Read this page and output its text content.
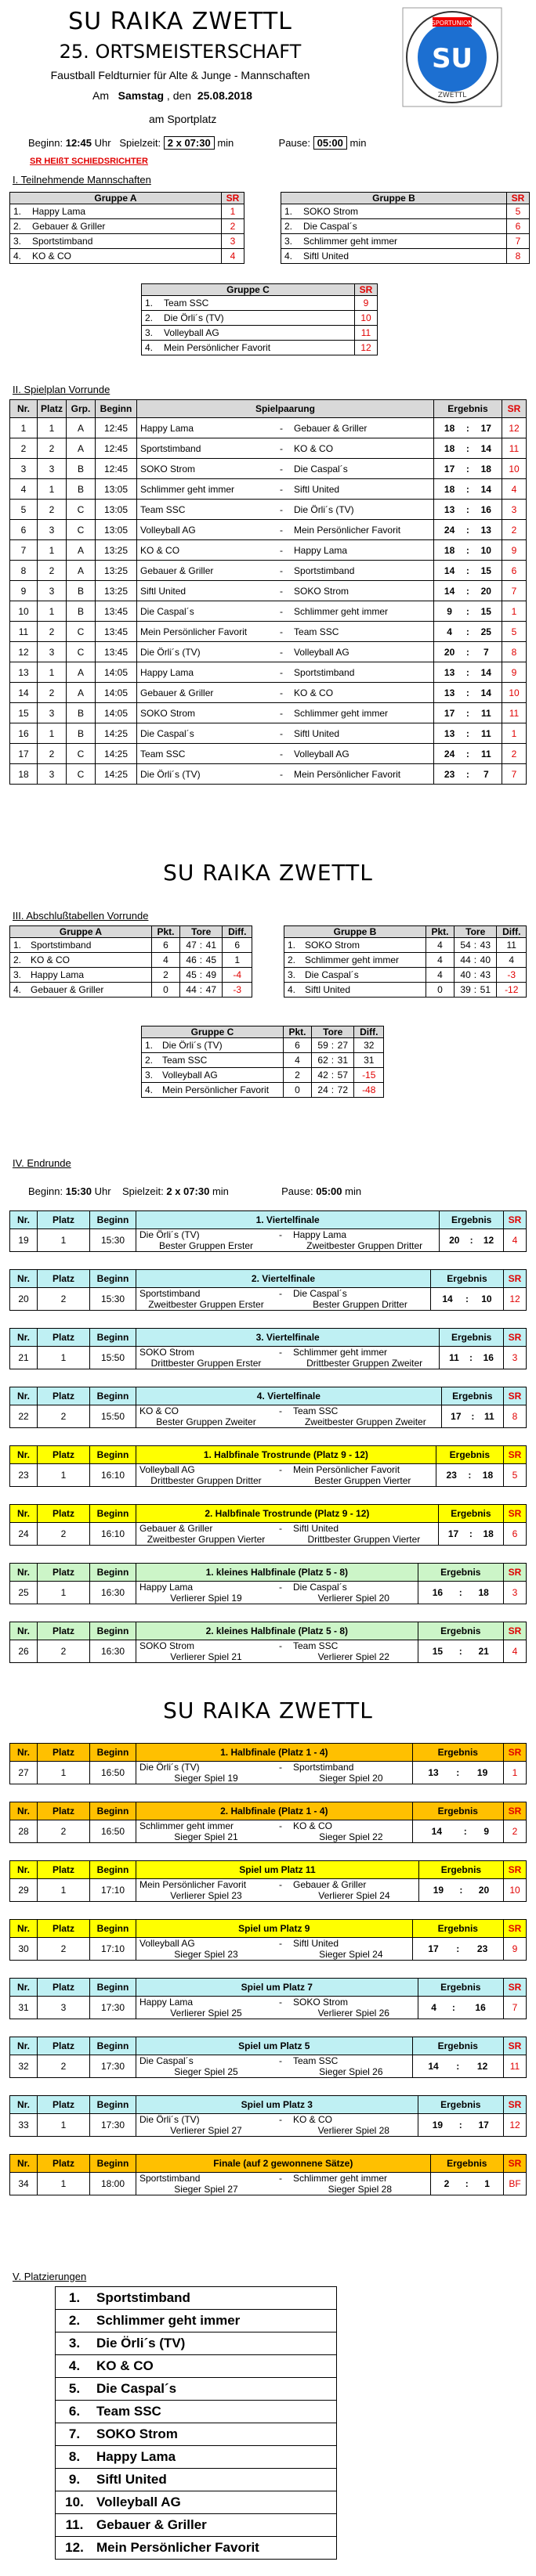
SU RAIKA ZWETTL
25. ORTSMEISTERSCHAFT
Faustball Feldturnier für Alte & Junge - Mannschaften
Am Samstag , den 25.08.2018
am Sportplatz
SPORTUNION
SU
ZWETTL
Beginn: 12:45 Uhr Spielzeit: 2 x 07:30 min	Pause: 05:00 min
SR HEIßT SCHIEDSRICHTER
I. Teilnehmende Mannschaften
Gruppe A		SR
1.	Happy Lama	1
2.	Gebauer & Griller	2
3.	Sportstimband	3
4.	KO & CO	4
Gruppe B		SR
1.	SOKO Strom	5
2.	Die Caspal´s	6
3.	Schlimmer geht immer	7
4.	Siftl United	8
Gruppe C		SR
1.	Team SSC	9
2.	Die Örli´s (TV)	10
3.	Volleyball AG	11
4.	Mein Persönlicher Favorit	12
II. Spielplan Vorrunde
Nr.	Platz	Grp.	Beginn	Spielpaarung			Ergebnis			SR
1	1	A	12:45	Happy Lama	-	Gebauer & Griller	18	:	17	12
2	2	A	12:45	Sportstimband	-	KO & CO	18	:	14	11
3	3	B	12:45	SOKO Strom	-	Die Caspal´s	17	:	18	10
4	1	B	13:05	Schlimmer geht immer	-	Siftl United	18	:	14	4
5	2	C	13:05	Team SSC	-	Die Örli´s (TV)	13	:	16	3
6	3	C	13:05	Volleyball AG	-	Mein Persönlicher Favorit	24	:	13	2
7	1	A	13:25	KO & CO	-	Happy Lama	18	:	10	9
8	2	A	13:25	Gebauer & Griller	-	Sportstimband	14	:	15	6
9	3	B	13:25	Siftl United	-	SOKO Strom	14	:	20	7
10	1	B	13:45	Die Caspal´s	-	Schlimmer geht immer	9	:	15	1
11	2	C	13:45	Mein Persönlicher Favorit	-	Team SSC	4	:	25	5
12	3	C	13:45	Die Örli´s (TV)	-	Volleyball AG	20	:	7	8
13	1	A	14:05	Happy Lama	-	Sportstimband	13	:	14	9
14	2	A	14:05	Gebauer & Griller	-	KO & CO	13	:	14	10
15	3	B	14:05	SOKO Strom	-	Schlimmer geht immer	17	:	11	11
16	1	B	14:25	Die Caspal´s	-	Siftl United	13	:	11	1
17	2	C	14:25	Team SSC	-	Volleyball AG	24	:	11	2
18	3	C	14:25	Die Örli´s (TV)	-	Mein Persönlicher Favorit	23	:	7	7
SU RAIKA ZWETTL
III. Abschlußtabellen Vorrunde
Gruppe A		Pkt.	Tore			Diff.
1.	Sportstimband	6	47	:	41	6
2.	KO & CO	4	46	:	45	1
3.	Happy Lama	2	45	:	49	-4
4.	Gebauer & Griller	0	44	:	47	-3
Gruppe B		Pkt.	Tore			Diff.
1.	SOKO Strom	4	54	:	43	11
2.	Schlimmer geht immer	4	44	:	40	4
3.	Die Caspal´s	4	40	:	43	-3
4.	Siftl United	0	39	:	51	-12
Gruppe C		Pkt.	Tore			Diff.
1.	Die Örli´s (TV)	6	59	:	27	32
2.	Team SSC	4	62	:	31	31
3.	Volleyball AG	2	42	:	57	-15
4.	Mein Persönlicher Favorit	0	24	:	72	-48
IV. Endrunde
Beginn: 15:30 Uhr Spielzeit: 2 x 07:30 min	Pause: 05:00 min
Nr.	Platz	Beginn	1. Viertelfinale			Ergebnis			SR
19	1	15:30	Die Örli´s (TV)	-	Happy Lama	20	:	12	4
			Bester Gruppen Erster		Zweitbester Gruppen Dritter				
Nr.	Platz	Beginn	2. Viertelfinale			Ergebnis			SR
20	2	15:30	Sportstimband	-	Die Caspal´s	14	:	10	12
			Zweitbester Gruppen Erster		Bester Gruppen Dritter				
Nr.	Platz	Beginn	3. Viertelfinale			Ergebnis			SR
21	1	15:50	SOKO Strom	-	Schlimmer geht immer	11	:	16	3
			Drittbester Gruppen Erster		Drittbester Gruppen Zweiter				
Nr.	Platz	Beginn	4. Viertelfinale			Ergebnis			SR
22	2	15:50	KO & CO	-	Team SSC	17	:	11	8
			Bester Gruppen Zweiter		Zweitbester Gruppen Zweiter				
Nr.	Platz	Beginn	1. Halbfinale Trostrunde (Platz 9 - 12)			Ergebnis			SR
23	1	16:10	Volleyball AG	-	Mein Persönlicher Favorit	23	:	18	5
			Drittbester Gruppen Dritter		Bester Gruppen Vierter				
Nr.	Platz	Beginn	2. Halbfinale Trostrunde (Platz 9 - 12)			Ergebnis			SR
24	2	16:10	Gebauer & Griller	-	Siftl United	17	:	18	6
			Zweitbester Gruppen Vierter		Drittbester Gruppen Vierter				
Nr.	Platz	Beginn	1. kleines Halbfinale (Platz 5 - 8)			Ergebnis			SR
25	1	16:30	Happy Lama	-	Die Caspal´s	16	:	18	3
			Verlierer Spiel 19		Verlierer Spiel 20				
Nr.	Platz	Beginn	2. kleines Halbfinale (Platz 5 - 8)			Ergebnis			SR
26	2	16:30	SOKO Strom	-	Team SSC	15	:	21	4
			Verlierer Spiel 21		Verlierer Spiel 22				
SU RAIKA ZWETTL
Nr.	Platz	Beginn	1. Halbfinale (Platz 1 - 4)			Ergebnis			SR
27	1	16:50	Die Örli´s (TV)	-	Sportstimband	13	:	19	1
			Sieger Spiel 19		Sieger Spiel 20				
Nr.	Platz	Beginn	2. Halbfinale (Platz 1 - 4)			Ergebnis			SR
28	2	16:50	Schlimmer geht immer	-	KO & CO	14	:	9	2
			Sieger Spiel 21		Sieger Spiel 22				
Nr.	Platz	Beginn	Spiel um Platz 11			Ergebnis			SR
29	1	17:10	Mein Persönlicher Favorit	-	Gebauer & Griller	19	:	20	10
			Verlierer Spiel 23		Verlierer Spiel 24				
Nr.	Platz	Beginn	Spiel um Platz 9			Ergebnis			SR
30	2	17:10	Volleyball AG	-	Siftl United	17	:	23	9
			Sieger Spiel 23		Sieger Spiel 24				
Nr.	Platz	Beginn	Spiel um Platz 7			Ergebnis			SR
31	3	17:30	Happy Lama	-	SOKO Strom	4	:	16	7
			Verlierer Spiel 25		Verlierer Spiel 26				
Nr.	Platz	Beginn	Spiel um Platz 5			Ergebnis			SR
32	2	17:30	Die Caspal´s	-	Team SSC	14	:	12	11
			Sieger Spiel 25		Sieger Spiel 26				
Nr.	Platz	Beginn	Spiel um Platz 3			Ergebnis			SR
33	1	17:30	Die Örli´s (TV)	-	KO & CO	19	:	17	12
			Verlierer Spiel 27		Verlierer Spiel 28				
Nr.	Platz	Beginn	Finale (auf 2 gewonnene Sätze)			Ergebnis			SR
34	1	18:00	Sportstimband	-	Schlimmer geht immer	2	:	1	BF
			Sieger Spiel 27		Sieger Spiel 28				
V. Platzierungen
1.	Sportstimband
2.	Schlimmer geht immer
3.	Die Örli´s (TV)
4.	KO & CO
5.	Die Caspal´s
6.	Team SSC
7.	SOKO Strom
8.	Happy Lama
9.	Siftl United
10.	Volleyball AG
11.	Gebauer & Griller
12.	Mein Persönlicher Favorit
